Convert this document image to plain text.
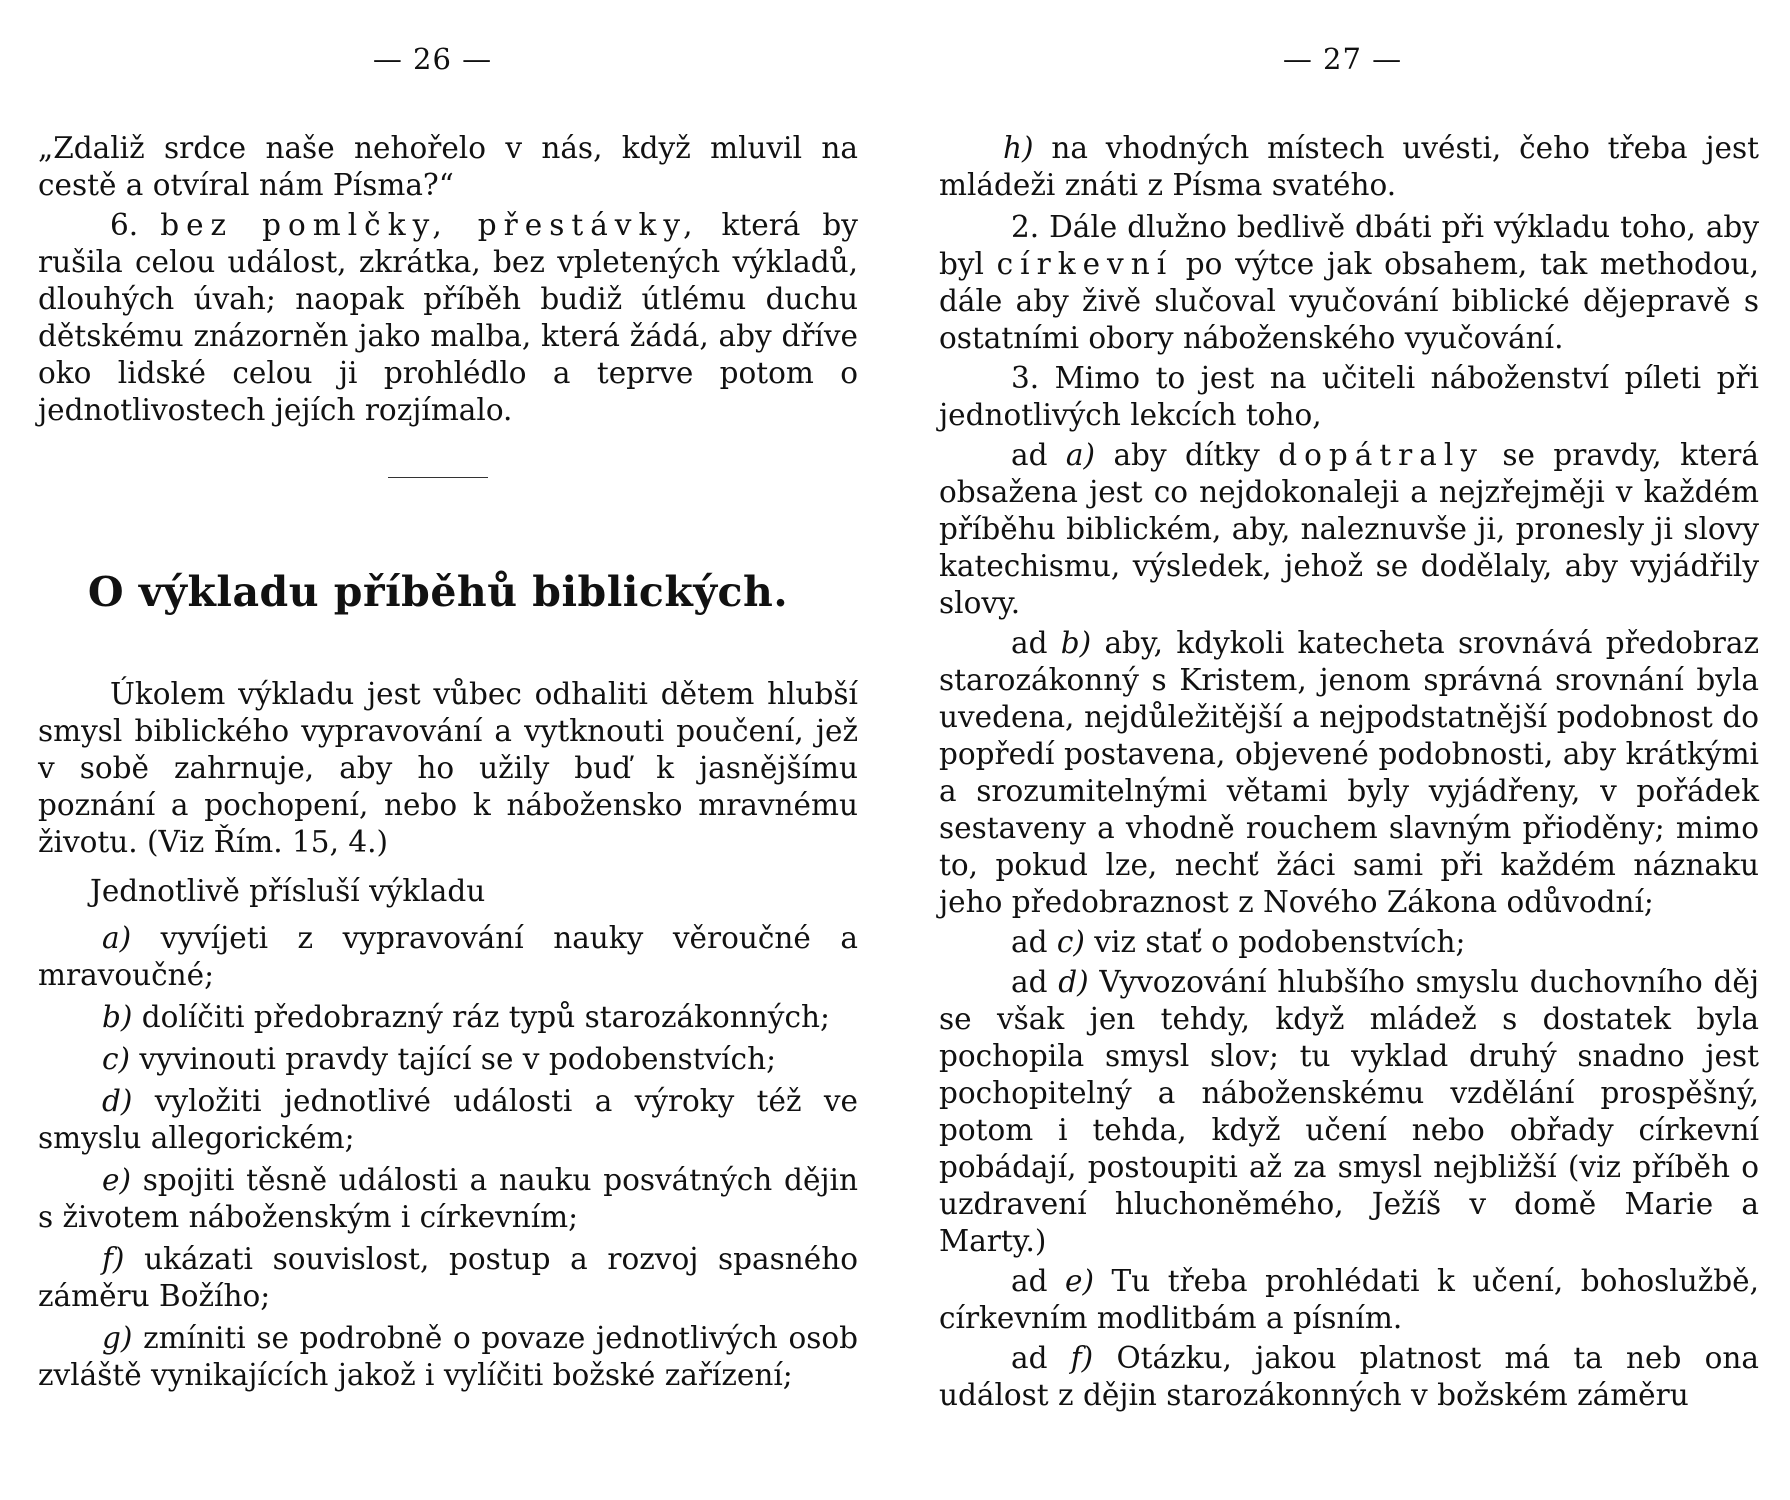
— 26 —

„Zdaliž srdce naše nehořelo v nás, když mluvil na cestě a otvíral nám Písma?“

6. bez pomlčky, přestávky, která by rušila celou událost, zkrátka, bez vpletených výkladů, dlouhých úvah; naopak příběh budiž útlému duchu dětskému znázorněn jako malba, která žádá, aby dříve oko lidské celou ji prohlédlo a teprve potom o jednotlivostech jejích rozjímalo.

O výkladu příběhů biblických.

Úkolem výkladu jest vůbec odhaliti dětem hlubší smysl biblického vypravování a vytknouti poučení, jež v sobě zahrnuje, aby ho užily buď k jasnějšímu poznání a pochopení, nebo k nábožensko mravnému životu. (Viz Řím. 15, 4.)

Jednotlivě přísluší výkladu

a) vyvíjeti z vypravování nauky věroučné a mravoučné;

b) dolíčiti předobrazný ráz typů starozákonných;

c) vyvinouti pravdy tající se v podobenstvích;

d) vyložiti jednotlivé události a výroky též ve smyslu allegorickém;

e) spojiti těsně události a nauku posvátných dějin s životem náboženským i církevním;

f) ukázati souvislost, postup a rozvoj spasného záměru Božího;

g) zmíniti se podrobně o povaze jednotlivých osob zvláště vynikajících jakož i vylíčiti božské zařízení;

— 27 —

h) na vhodných místech uvésti, čeho třeba jest mládeži znáti z Písma svatého.

2. Dále dlužno bedlivě dbáti při výkladu toho, aby byl církevní po výtce jak obsahem, tak methodou, dále aby živě slučoval vyučování biblické dějepravě s ostatními obory náboženského vyučování.

3. Mimo to jest na učiteli náboženství píleti při jednotlivých lekcích toho,

ad a) aby dítky dopátraly se pravdy, která obsažena jest co nejdokonaleji a nejzřejměji v každém příběhu biblickém, aby, naleznuvše ji, pronesly ji slovy katechismu, výsledek, jehož se dodělaly, aby vyjádřily slovy.

ad b) aby, kdykoli katecheta srovnává předobraz starozákonný s Kristem, jenom správná srovnání byla uvedena, nejdůležitější a nejpodstatnější podobnost do popředí postavena, objevené podobnosti, aby krátkými a srozumitelnými větami byly vyjádřeny, v pořádek sestaveny a vhodně rouchem slavným přioděny; mimo to, pokud lze, nechť žáci sami při každém náznaku jeho předobraznost z Nového Zákona odůvodní;

ad c) viz stať o podobenstvích;

ad d) Vyvozování hlubšího smyslu duchovního děj se však jen tehdy, když mládež s dostatek byla pochopila smysl slov; tu vyklad druhý snadno jest pochopitelný a náboženskému vzdělání prospěšný, potom i tehda, když učení nebo obřady církevní pobádají, postoupiti až za smysl nejbližší (viz příběh o uzdravení hluchoněmého, Ježíš v domě Marie a Marty.)

ad e) Tu třeba prohlédati k učení, bohoslužbě, církevním modlitbám a písním.

ad f) Otázku, jakou platnost má ta neb ona událost z dějin starozákonných v božském záměru
